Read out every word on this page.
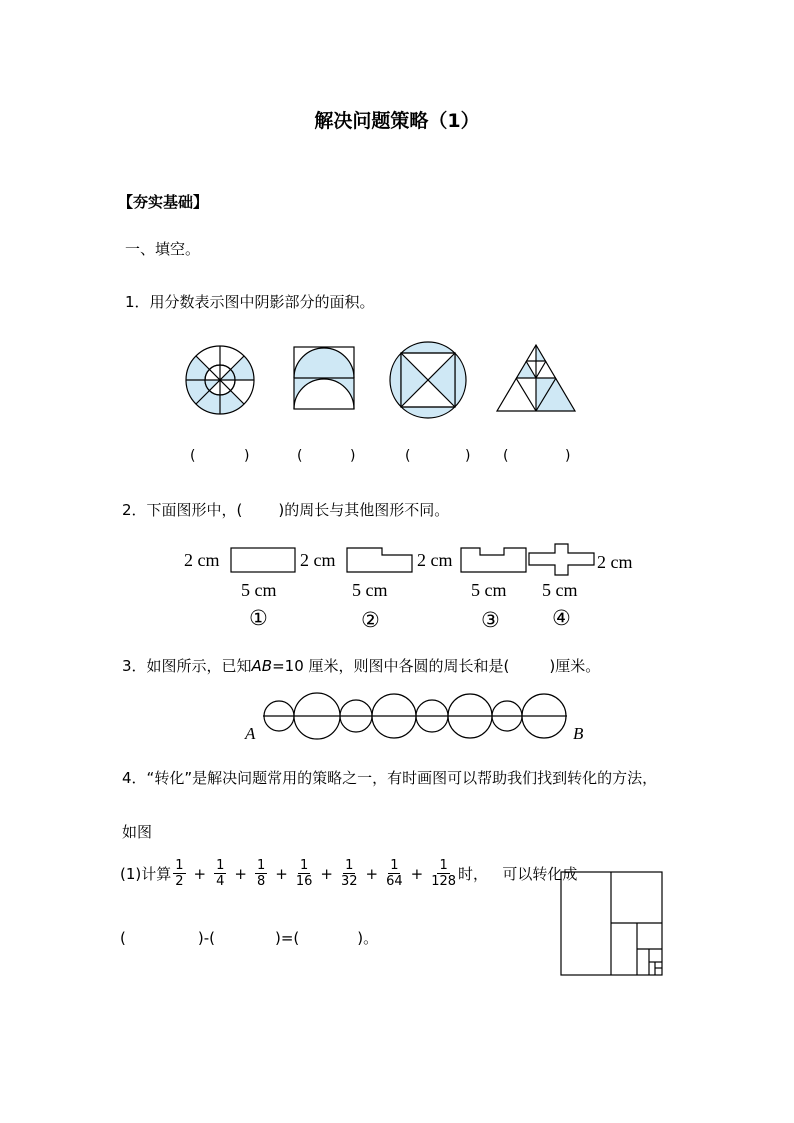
解决问题策略（1）
【夯实基础】
一、填空。
1．用分数表示图中阴影部分的面积。
(	)	(	)	(	) (	)
2．下面图形中，( )的周长与其他图形不同。
2 cm	2 cm	2 cm	2 cm
5 cm	5 cm	5 cm 5 cm
①	②	③ ④
3．如图所示，已知AB=10 厘米，则图中各圆的周长和是(	)厘米。
A	B
4．“转化”是解决问题常用的策略之一，有时画图可以帮助我们找到转化的方法，
如图
(1)计算 $\frac{1}{2} + \frac{1}{4} + \frac{1}{8} + \frac{1}{16} + \frac{1}{32} + \frac{1}{64} + \frac{1}{128}$ 时，   可以转化成
(	)-(	)=(	)。
